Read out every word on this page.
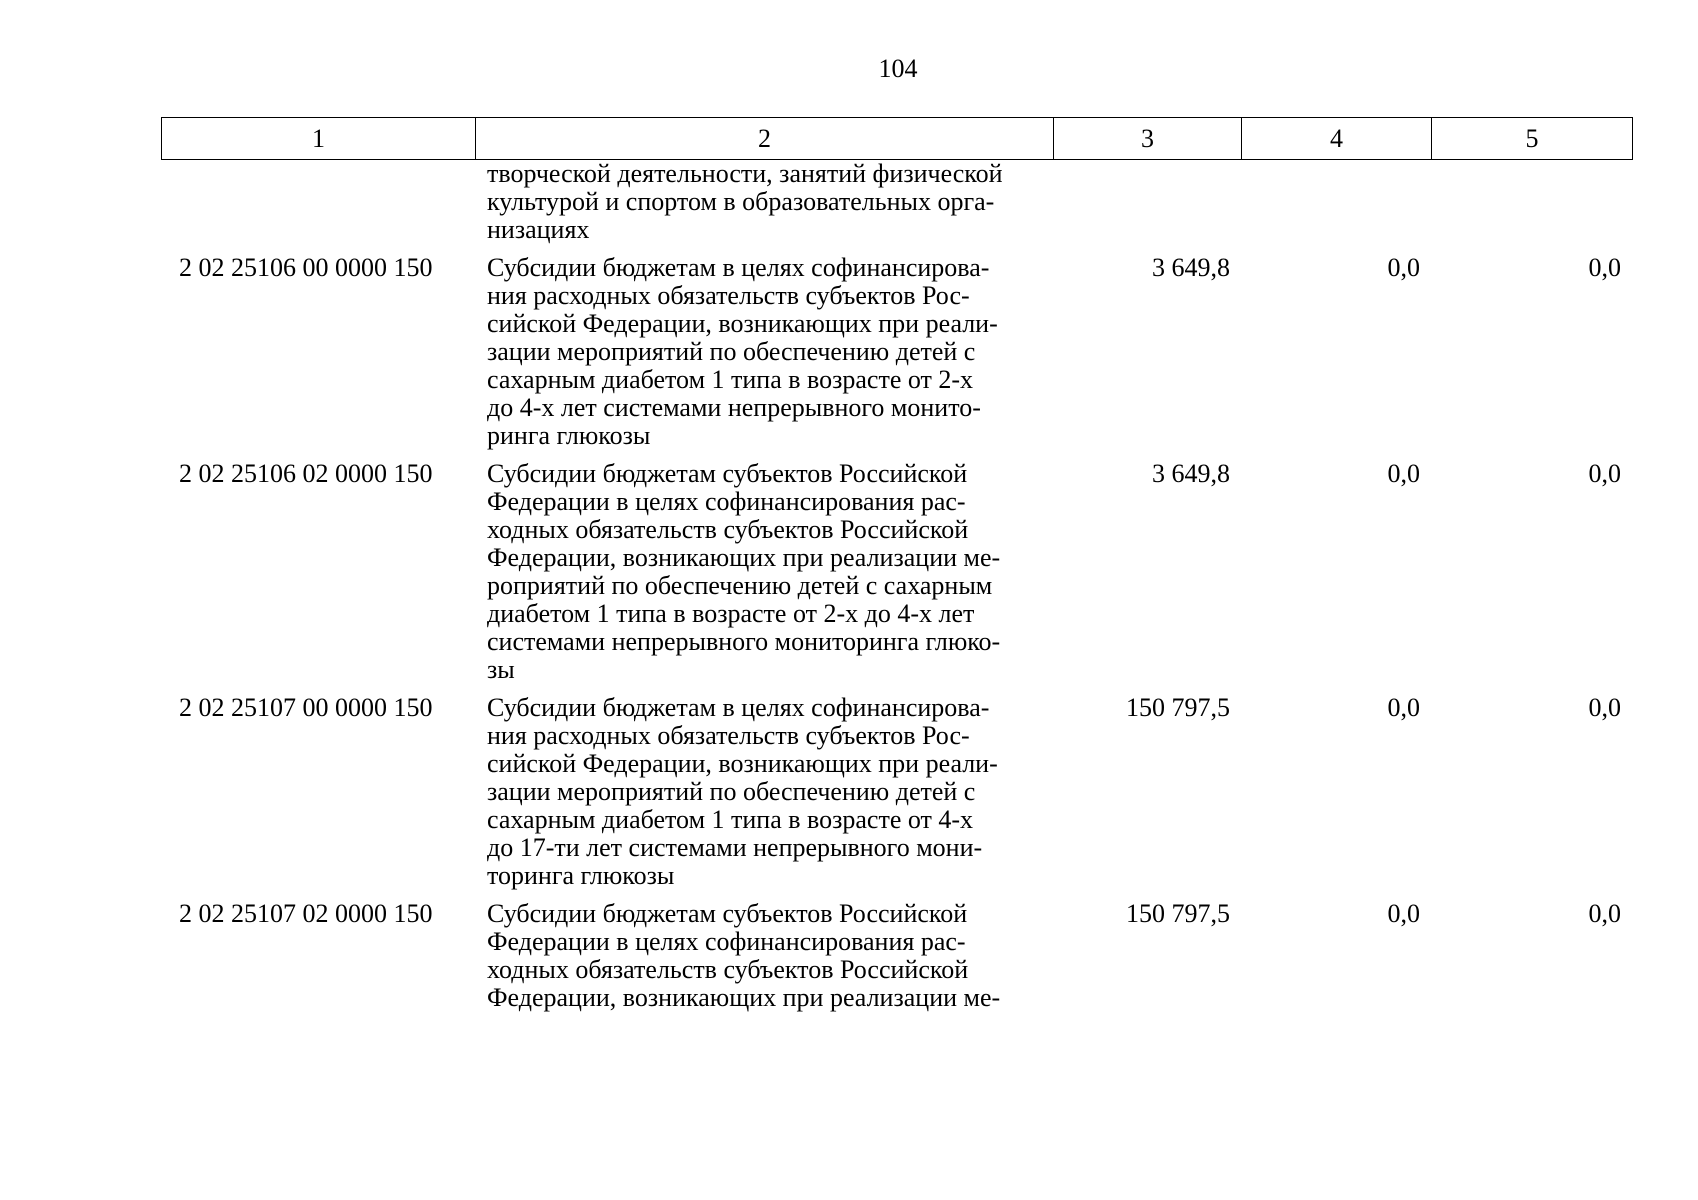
104
1	2	3	4	5
творческой деятельности, занятий физической
культурой и спортом в образовательных орга-
низациях
2 02 25106 00 0000 150	Субсидии бюджетам в целях софинансирова-
ния расходных обязательств субъектов Рос-
сийской Федерации, возникающих при реали-
зации мероприятий по обеспечению детей с
сахарным диабетом 1 типа в возрасте от 2-х
до 4-х лет системами непрерывного монито-
ринга глюкозы
3 649,8	0,0	0,0
2 02 25106 02 0000 150	Субсидии бюджетам субъектов Российской
Федерации в целях софинансирования рас-
ходных обязательств субъектов Российской
Федерации, возникающих при реализации ме-
роприятий по обеспечению детей с сахарным
диабетом 1 типа в возрасте от 2-х до 4-х лет
системами непрерывного мониторинга глюко-
зы
3 649,8	0,0	0,0
2 02 25107 00 0000 150	Субсидии бюджетам в целях софинансирова-
ния расходных обязательств субъектов Рос-
сийской Федерации, возникающих при реали-
зации мероприятий по обеспечению детей с
сахарным диабетом 1 типа в возрасте от 4-х
до 17-ти лет системами непрерывного мони-
торинга глюкозы
150 797,5	0,0	0,0
2 02 25107 02 0000 150	Субсидии бюджетам субъектов Российской
Федерации в целях софинансирования рас-
ходных обязательств субъектов Российской
Федерации, возникающих при реализации ме-
150 797,5	0,0	0,0
